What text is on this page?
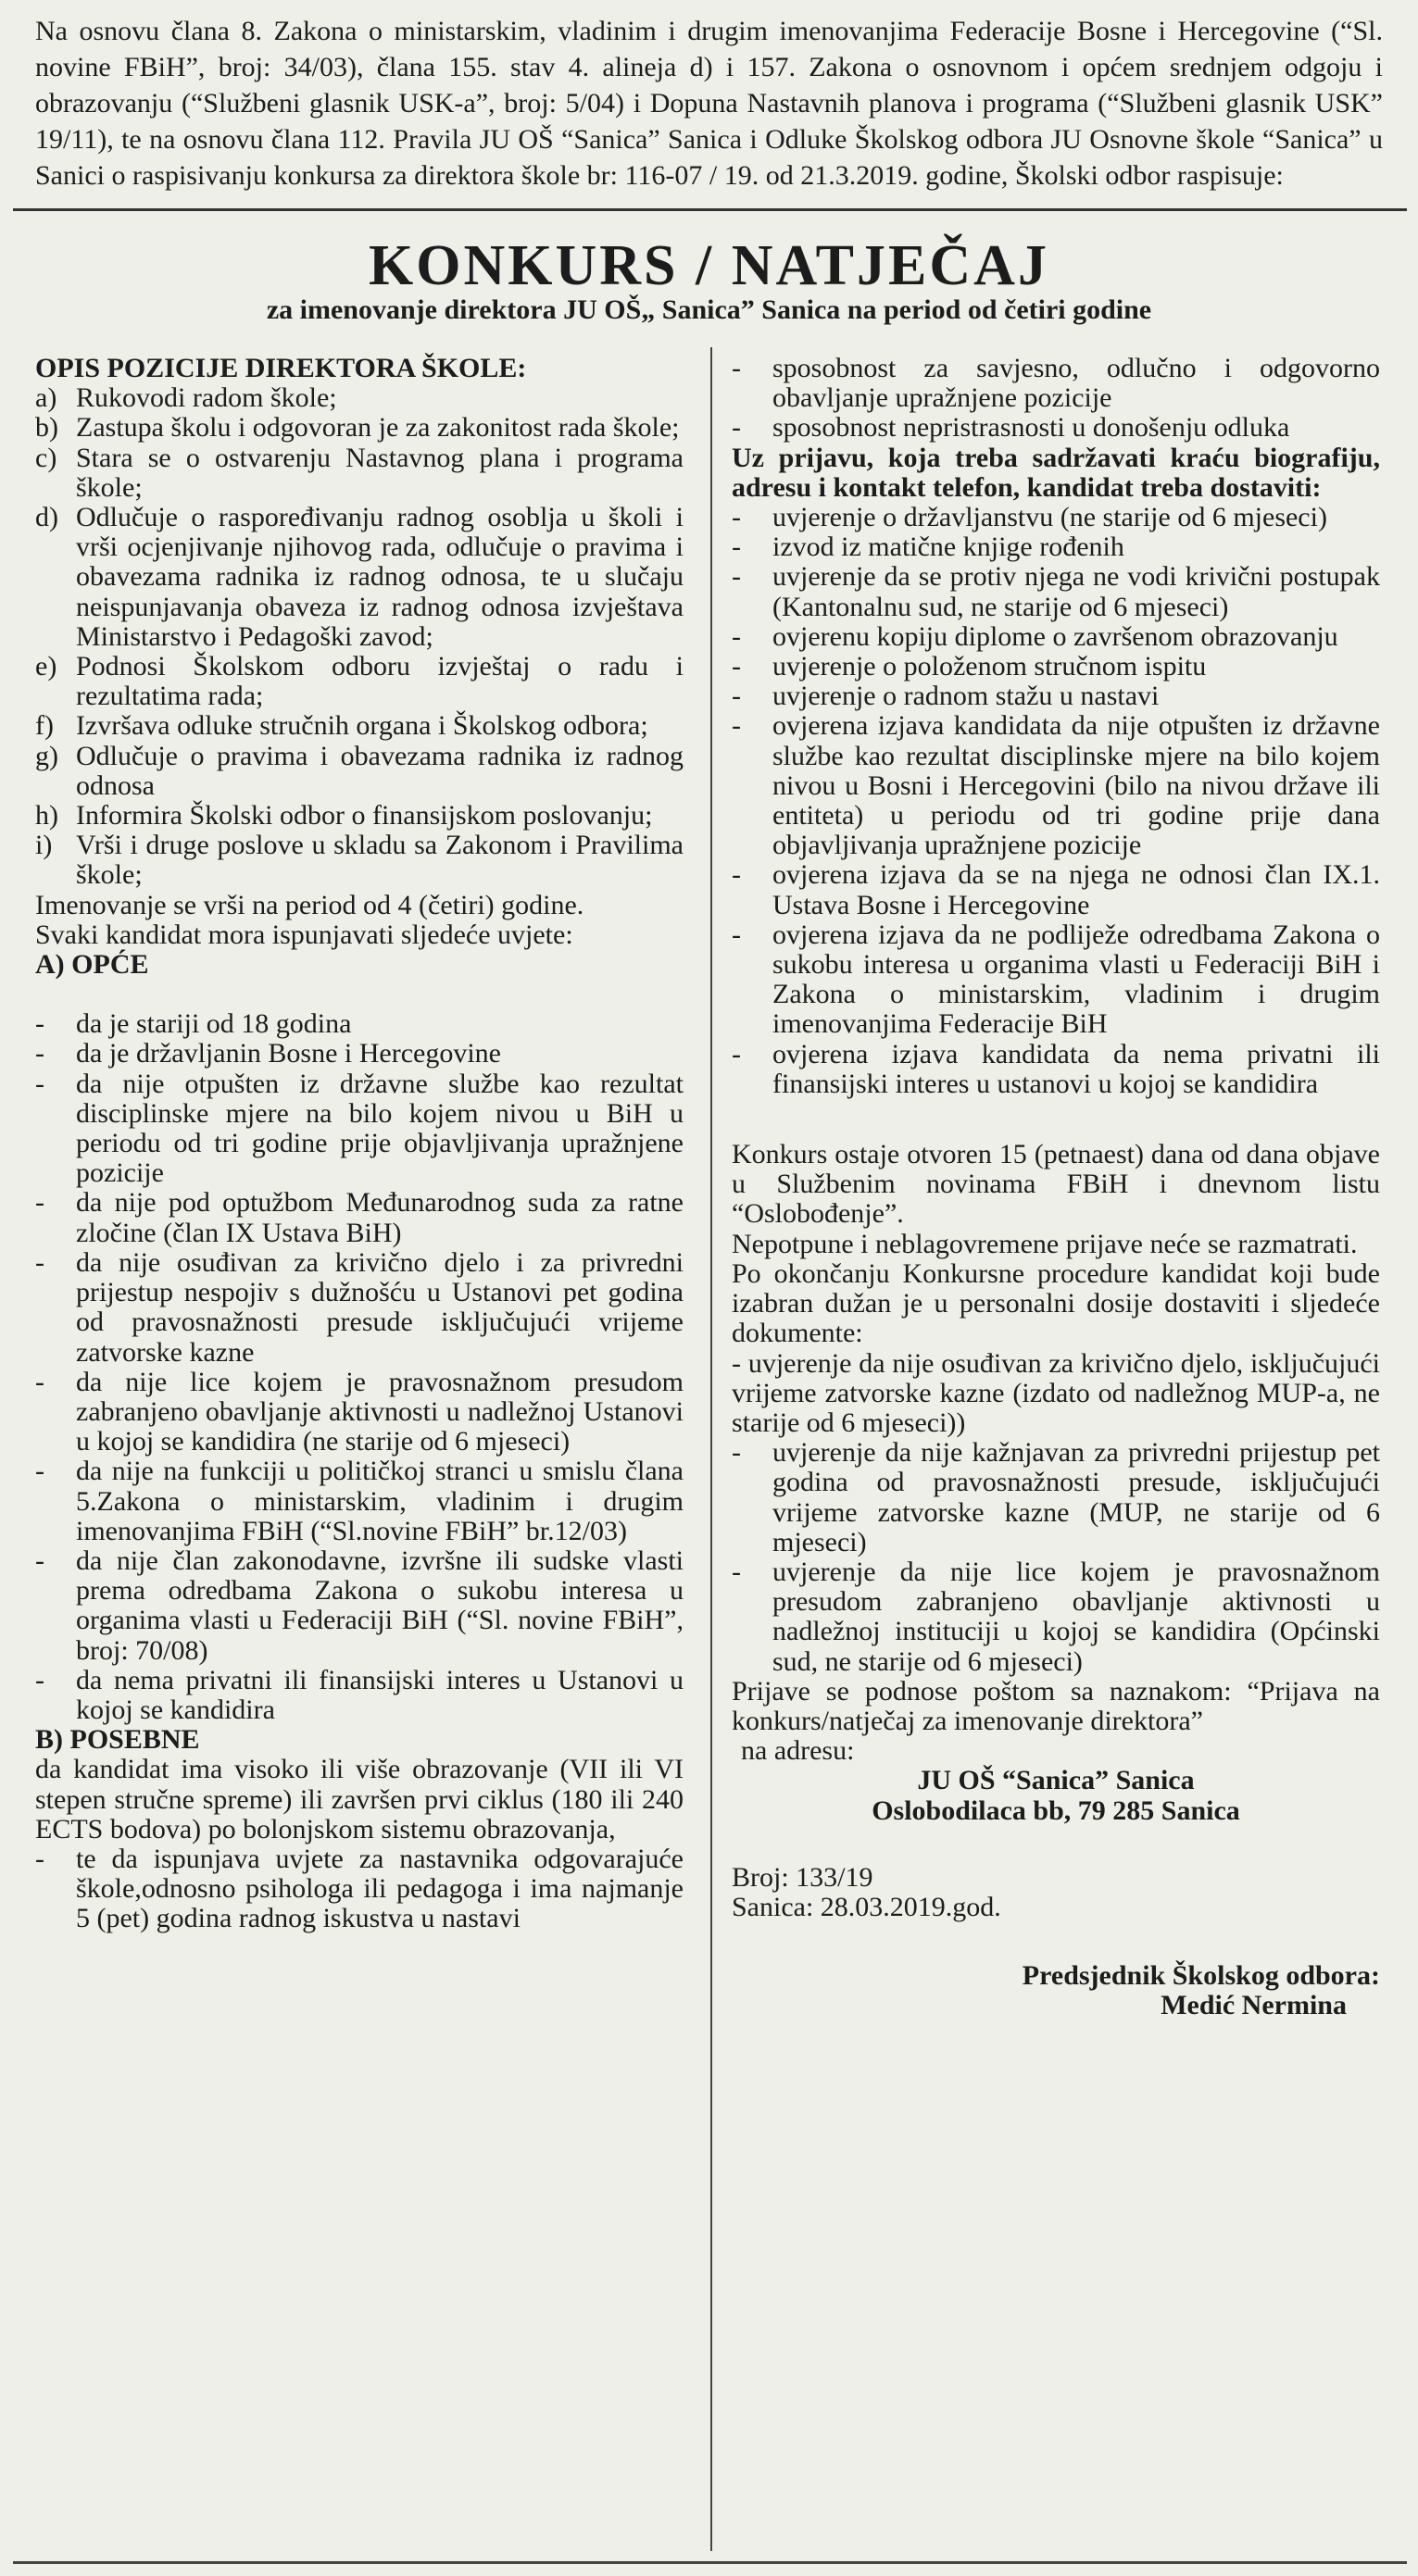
Na osnovu člana 8. Zakona o ministarskim, vladinim i drugim imenovanjima Federacije Bosne i Hercegovine (“Sl. novine FBiH”, broj: 34/03), člana 155. stav 4. alineja d) i 157. Zakona o osnovnom i općem srednjem odgoju i obrazovanju (“Službeni glasnik USK-a”, broj: 5/04) i Dopuna Nastavnih planova i programa (“Službeni glasnik USK” 19/11), te na osnovu člana 112. Pravila JU OŠ “Sanica” Sanica i Odluke Školskog odbora JU Osnovne škole “Sanica” u Sanici o raspisivanju konkursa za direktora škole br: 116-07 / 19. od 21.3.2019. godine, Školski odbor raspisuje:
KONKURS / NATJEČAJ
za imenovanje direktora JU OŠ„ Sanica” Sanica na period od četiri godine

OPIS POZICIJE DIREKTORA ŠKOLE:

a) Rukovodi radom škole;
b) Zastupa školu i odgovoran je za zakonitost rada škole;
c) Stara se o ostvarenju Nastavnog plana i programa škole;
d) Odlučuje o raspoređivanju radnog osoblja u školi i vrši ocjenjivanje njihovog rada, odlučuje o pravima i obavezama radnika iz radnog odnosa, te u slučaju neispunjavanja obaveza iz radnog odnosa izvještava Ministarstvo i Pedagoški zavod;
e) Podnosi Školskom odboru izvještaj o radu i rezultatima rada;
f) Izvršava odluke stručnih organa i Školskog odbora;
g) Odlučuje o pravima i obavezama radnika iz radnog odnosa
h) Informira Školski odbor o finansijskom poslovanju;
i) Vrši i druge poslove u skladu sa Zakonom i Pravilima škole;

Imenovanje se vrši na period od 4 (četiri) godine.

Svaki kandidat mora ispunjavati sljedeće uvjete:

A) OPĆE

-	da je stariji od 18 godina
-	da je državljanin Bosne i Hercegovine
-	da nije otpušten iz državne službe kao rezultat disciplinske mjere na bilo kojem nivou u BiH u periodu od tri godine prije objavljivanja upražnjene pozicije
-	da nije pod optužbom Međunarodnog suda za ratne zločine (član IX Ustava BiH)
-	da nije osuđivan za krivično djelo i za privredni prijestup nespojiv s dužnošću u Ustanovi pet godina od pravosnažnosti presude isključujući vrijeme zatvorske kazne
-	da nije lice kojem je pravosnažnom presudom zabranjeno obavljanje aktivnosti u nadležnoj Ustanovi u kojoj se kandidira (ne starije od 6 mjeseci)
-	da nije na funkciji u političkoj stranci u smislu člana 5.Zakona o ministarskim, vladinim i drugim imenovanjima FBiH (“Sl.novine FBiH” br.12/03)
-	da nije član zakonodavne, izvršne ili sudske vlasti prema odredbama Zakona o sukobu interesa u organima vlasti u Federaciji BiH (“Sl. novine FBiH”, broj: 70/08)
-	da nema privatni ili finansijski interes u Ustanovi u kojoj se kandidira

B) POSEBNE

da kandidat ima visoko ili više obrazovanje (VII ili VI stepen stručne spreme) ili završen prvi ciklus (180 ili 240 ECTS bodova) po bolonjskom sistemu obrazovanja,

-	te da ispunjava uvjete za nastavnika odgovarajuće škole,odnosno psihologa ili pedagoga i ima najmanje 5 (pet) godina radnog iskustva u nastavi
-	sposobnost za savjesno, odlučno i odgovorno obavljanje upražnjene pozicije
-	sposobnost nepristrasnosti u donošenju odluka

Uz prijavu, koja treba sadržavati kraću biografiju, adresu i kontakt telefon, kandidat treba dostaviti:

-	uvjerenje o državljanstvu (ne starije od 6 mjeseci)
-	izvod iz matične knjige rođenih
-	uvjerenje da se protiv njega ne vodi krivični postupak (Kantonalnu sud, ne starije od 6 mjeseci)
-	ovjerenu kopiju diplome o završenom obrazovanju
-	uvjerenje o položenom stručnom ispitu
-	uvjerenje o radnom stažu u nastavi
-	ovjerena izjava kandidata da nije otpušten iz državne službe kao rezultat disciplinske mjere na bilo kojem nivou u Bosni i Hercegovini (bilo na nivou države ili entiteta) u periodu od tri godine prije dana objavljivanja upražnjene pozicije
-	ovjerena izjava da se na njega ne odnosi član IX.1. Ustava Bosne i Hercegovine
-	ovjerena izjava da ne podliježe odredbama Zakona o sukobu interesa u organima vlasti u Federaciji BiH i Zakona o ministarskim, vladinim i drugim imenovanjima Federacije BiH
-	ovjerena izjava kandidata da nema privatni ili finansijski interes u ustanovi u kojoj se kandidira

Konkurs ostaje otvoren 15 (petnaest) dana od dana objave u Službenim novinama FBiH i dnevnom listu “Oslobođenje”.

Nepotpune i neblagovremene prijave neće se razmatrati.

Po okončanju Konkursne procedure kandidat koji bude izabran dužan je u personalni dosije dostaviti i sljedeće dokumente:

- uvjerenje da nije osuđivan za krivično djelo, isključujući vrijeme zatvorske kazne (izdato od nadležnog MUP-a, ne starije od 6 mjeseci))

-	uvjerenje da nije kažnjavan za privredni prijestup pet godina od pravosnažnosti presude, isključujući vrijeme zatvorske kazne (MUP, ne starije od 6 mjeseci)
-	uvjerenje da nije lice kojem je pravosnažnom presudom zabranjeno obavljanje aktivnosti u nadležnoj instituciji u kojoj se kandidira (Općinski sud, ne starije od 6 mjeseci)

Prijave se podnose poštom sa naznakom: “Prijava na konkurs/natječaj za imenovanje direktora”

na adresu:

JU OŠ “Sanica” Sanica

Oslobodilaca bb, 79 285 Sanica

Broj: 133/19

Sanica: 28.03.2019.god.

Predsjednik Školskog odbora:

Medić Nermina
